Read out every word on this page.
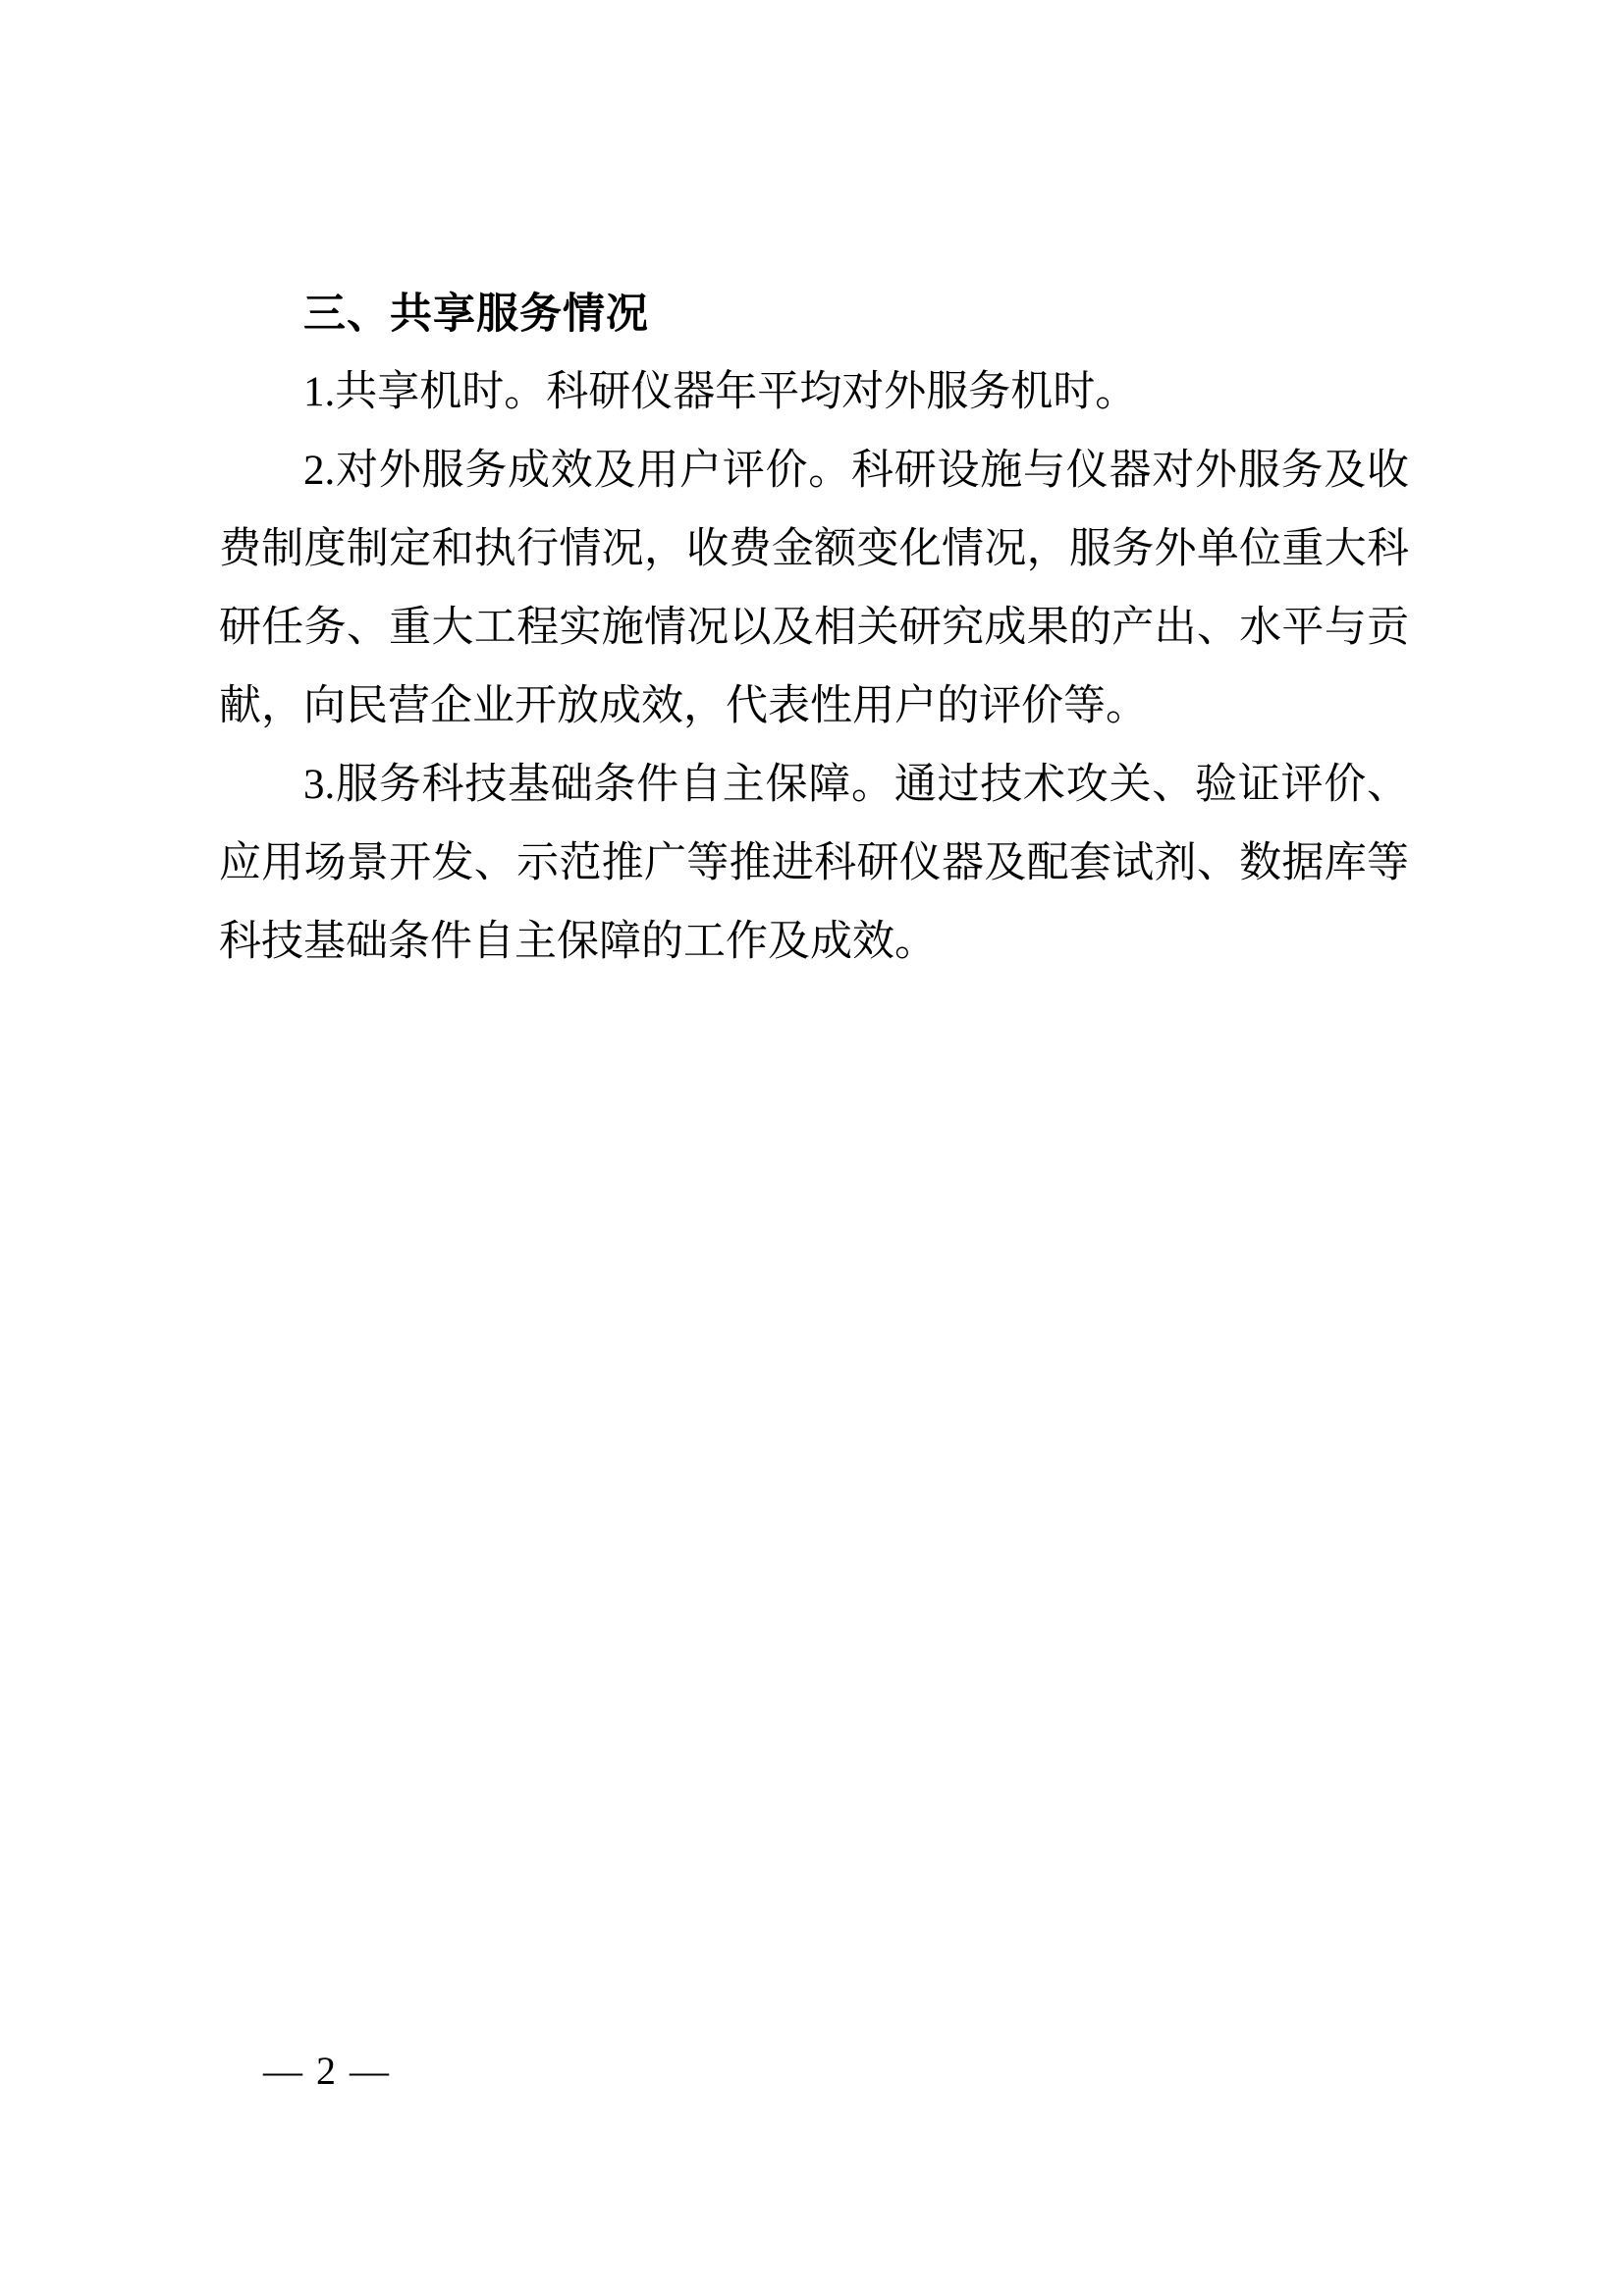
三、共享服务情况

1.共享机时。科研仪器年平均对外服务机时。

2.对外服务成效及用户评价。科研设施与仪器对外服务及收费制度制定和执行情况，收费金额变化情况，服务外单位重大科研任务、重大工程实施情况以及相关研究成果的产出、水平与贡献，向民营企业开放成效，代表性用户的评价等。

3.服务科技基础条件自主保障。通过技术攻关、验证评价、应用场景开发、示范推广等推进科研仪器及配套试剂、数据库等科技基础条件自主保障的工作及成效。

— 2 —
